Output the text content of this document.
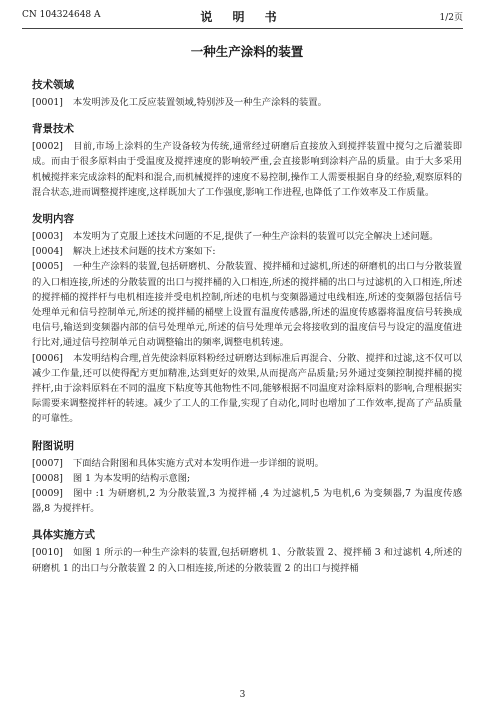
CN 104324648 A	说 明 书	1/2页
一种生产涂料的装置
技术领域

[0001] 本发明涉及化工反应装置领域,特别涉及一种生产涂料的装置。

背景技术

[0002] 目前,市场上涂料的生产设备较为传统,通常经过研磨后直接放入到搅拌装置中搅匀之后灌装即成。而由于很多原料由于受温度及搅拌速度的影响较严重,会直接影响到涂料产品的质量。由于大多采用机械搅拌来完成涂料的配料和混合,而机械搅拌的速度不易控制,操作工人需要根据自身的经验,观察原料的混合状态,进而调整搅拌速度,这样既加大了工作强度,影响工作进程,也降低了工作效率及工作质量。

发明内容

[0003] 本发明为了克服上述技术问题的不足,提供了一种生产涂料的装置可以完全解决上述问题。

[0004] 解决上述技术问题的技术方案如下:

[0005] 一种生产涂料的装置,包括研磨机、分散装置、搅拌桶和过滤机,所述的研磨机的出口与分散装置的入口相连接,所述的分散装置的出口与搅拌桶的入口相连,所述的搅拌桶的出口与过滤机的入口相连,所述的搅拌桶的搅拌杆与电机相连接并受电机控制,所述的电机与变频器通过电线相连,所述的变频器包括信号处理单元和信号控制单元,所述的搅拌桶的桶壁上设置有温度传感器,所述的温度传感器将温度信号转换成电信号,输送到变频器内部的信号处理单元,所述的信号处理单元会将接收到的温度信号与设定的温度值进行比对,通过信号控制单元自动调整输出的频率,调整电机转速。

[0006] 本发明结构合理,首先使涂料原料粉经过研磨达到标准后再混合、分散、搅拌和过滤,这不仅可以减少工作量,还可以使得配方更加精准,达到更好的效果,从而提高产品质量;另外通过变频控制搅拌桶的搅拌杆,由于涂料原料在不同的温度下粘度等其他物性不同,能够根据不同温度对涂料原料的影响,合理根据实际需要来调整搅拌杆的转速。减少了工人的工作量,实现了自动化,同时也增加了工作效率,提高了产品质量的可靠性。

附图说明

[0007] 下面结合附图和具体实施方式对本发明作进一步详细的说明。

[0008] 图 1 为本发明的结构示意图;

[0009] 图中 :1 为研磨机,2 为分散装置,3 为搅拌桶 ,4 为过滤机,5 为电机,6 为变频器,7 为温度传感器,8 为搅拌杆。

具体实施方式

[0010] 如图 1 所示的一种生产涂料的装置,包括研磨机 1、分散装置 2、搅拌桶 3 和过滤机 4,所述的研磨机 1 的出口与分散装置 2 的入口相连接,所述的分散装置 2 的出口与搅拌桶

3
